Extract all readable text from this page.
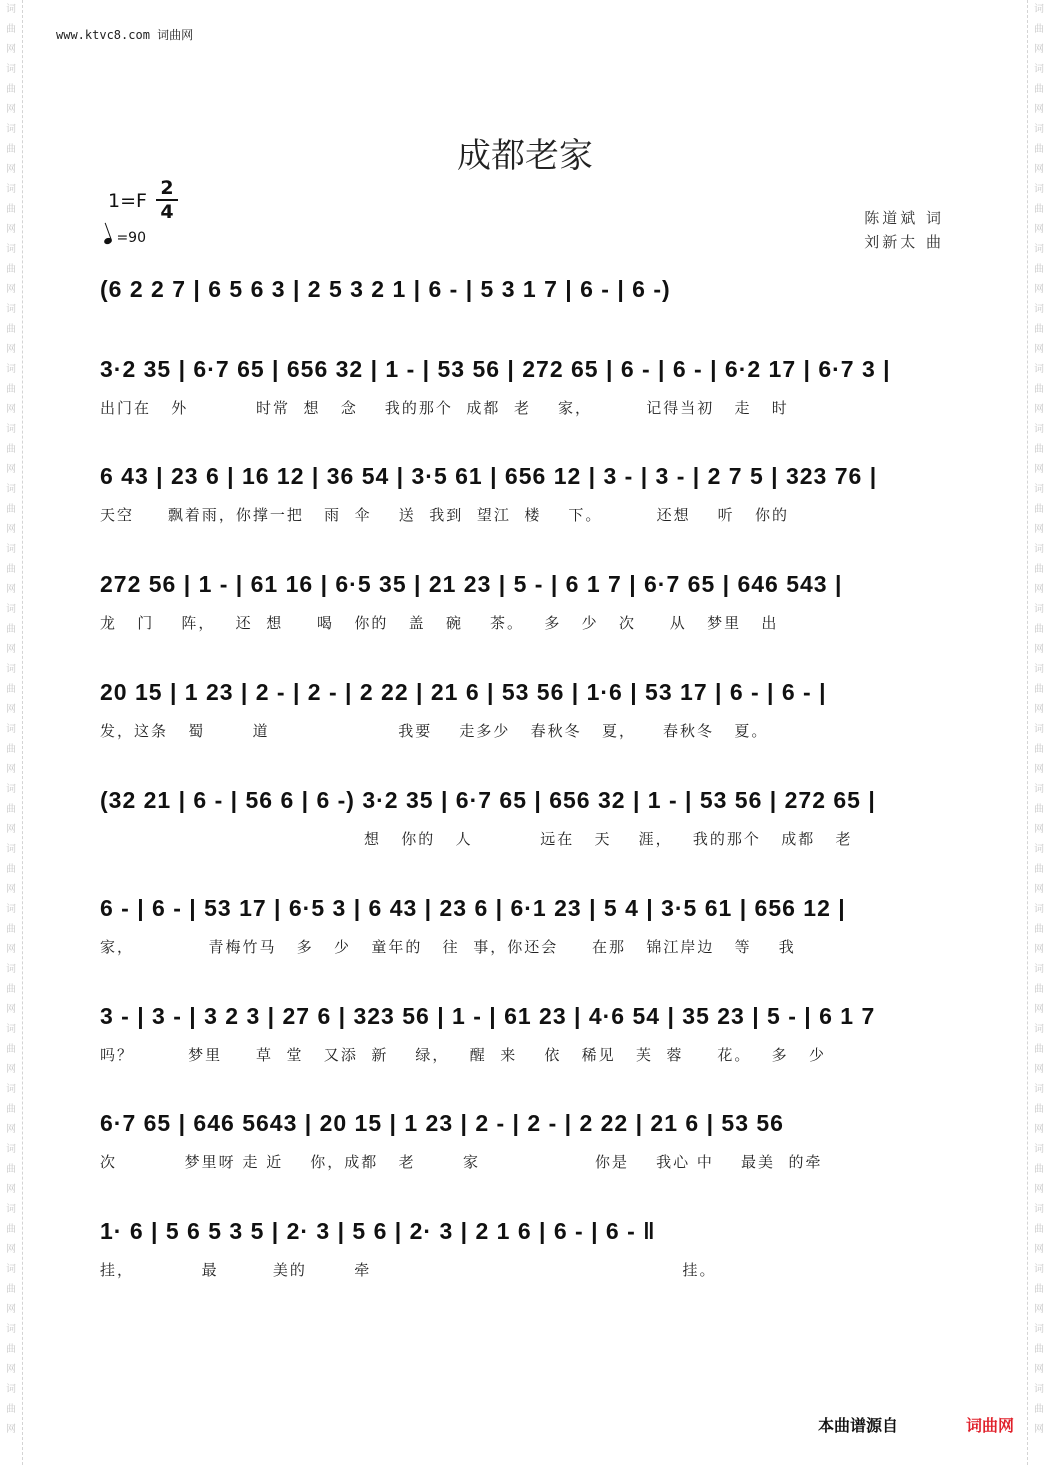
词
曲
网
词
曲
网
词
曲
网
词
曲
网
词
曲
网
词
曲
网
词
曲
网
词
曲
网
词
曲
网
词
曲
网
词
曲
网
词
曲
网
词
曲
网
词
曲
网
词
曲
网
词
曲
网
词
曲
网
词
曲
网
词
曲
网
词
曲
网
词
曲
网
词
曲
网
词
曲
网
词
曲
网
词
曲
网
词
曲
网
词
曲
网
词
曲
网
词
曲
网
词
曲
网
词
曲
网
词
曲
网
词
曲
网
词
曲
网
词
曲
网
词
曲
网
词
曲
网
词
曲
网
词
曲
网
词
曲
网
词
曲
网
词
曲
网
词
曲
网
词
曲
网
词
曲
网
词
曲
网
词
曲
网
词
曲
网
www.ktvc8.com 词曲网
成都老家
1=F
2
4
=90
陈道斌 词
刘新太 曲
(6 2 2 7 | 6 5 6 3 | 2 5 3 2 1 | 6 - | 5 3 1 7 | 6 - | 6 -)
3·2 35 | 6·7 65 | 656 32 | 1 - | 53 56 | 272 65 | 6 - | 6 - | 6·2 17 | 6·7 3 |
出门在   外          时常  想   念    我的那个  成都  老    家，        记得当初   走   时
6 43 | 23 6 | 16 12 | 36 54 | 3·5 61 | 656 12 | 3 - | 3 - | 2 7 5 | 323 76 |
天空     飘着雨，你撑一把   雨  伞    送  我到  望江  楼    下。        还想    听   你的
272 56 | 1 - | 61 16 | 6·5 35 | 21 23 | 5 - | 6 1 7 | 6·7 65 | 646 543 |
龙   门    阵，   还  想     喝   你的   盖   碗    茶。   多   少   次     从   梦里   出
20 15 | 1 23 | 2 - | 2 - | 2 22 | 21 6 | 53 56 | 1·6 | 53 17 | 6 - | 6 - |
发，这条   蜀       道                   我要    走多少   春秋冬   夏，    春秋冬   夏。
(32 21 | 6 - | 56 6 | 6 -) 3·2 35 | 6·7 65 | 656 32 | 1 - | 53 56 | 272 65 |
想   你的   人          远在   天    涯，   我的那个   成都   老
6 - | 6 - | 53 17 | 6·5 3 | 6 43 | 23 6 | 6·1 23 | 5 4 | 3·5 61 | 656 12 |
家，           青梅竹马   多   少   童年的   往  事，你还会     在那   锦江岸边   等    我
3 - | 3 - | 3 2 3 | 27 6 | 323 56 | 1 - | 61 23 | 4·6 54 | 35 23 | 5 - | 6 1 7
吗？        梦里     草  堂   又添  新    绿，   醒  来    依   稀见   芙  蓉     花。   多   少
6·7 65 | 646 5643 | 20 15 | 1 23 | 2 - | 2 - | 2 22 | 21 6 | 53 56
次          梦里呀 走 近    你，成都   老       家                 你是    我心 中    最美  的牵
1· 6 | 5 6 5 3 5 | 2· 3 | 5 6 | 2· 3 | 2 1 6 | 6 - | 6 - ‖
挂，          最        美的       牵                                              挂。
本曲谱源自	词曲网
